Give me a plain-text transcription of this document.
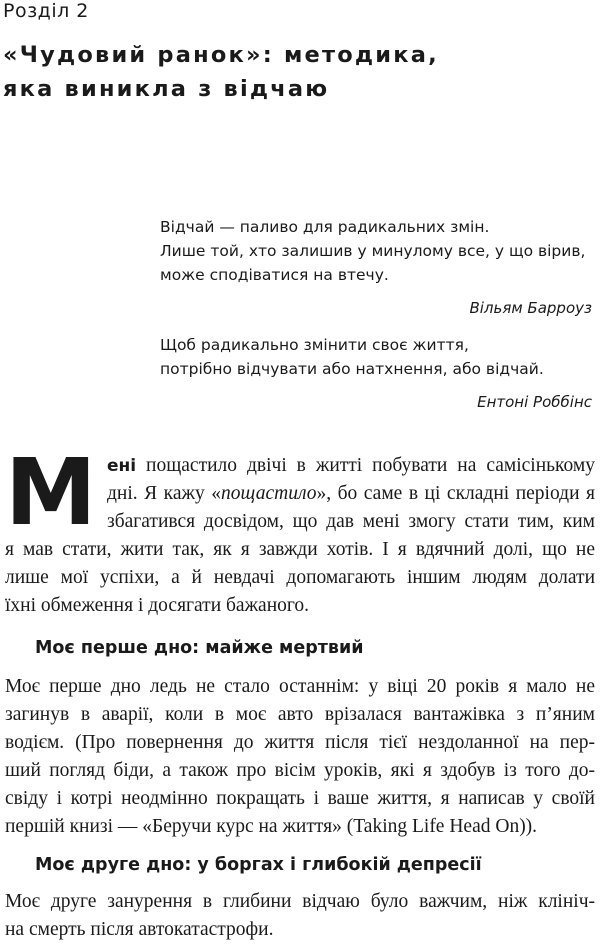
Розділ 2
«Чудовий ранок»: методика,
яка виникла з відчаю
Відчай — паливо для радикальних змін.
Лише той, хто залишив у минулому все, у що вірив,
може сподіватися на втечу.
Вільям Барроуз
Щоб радикально змінити своє життя,
потрібно відчувати або натхнення, або відчай.
Ентоні Роббінс
М ені пощастило двічі в житті побувати на самісінькому
дні. Я кажу «пощастило», бо саме в ці складні періоди я
збагатився досвідом, що дав мені змогу стати тим, ким
я мав стати, жити так, як я завжди хотів. І я вдячний долі, що не
лише мої успіхи, а й невдачі допомагають іншим людям долати
їхні обмеження і досягати бажаного.
Моє перше дно: майже мертвий
Моє перше дно ледь не стало останнім: у віці 20 років я мало не
загинув в аварії, коли в моє авто врізалася вантажівка з п’яним
водієм. (Про повернення до життя після тієї нездоланної на пер-
ший погляд біди, а також про вісім уроків, які я здобув із того до-
свіду і котрі неодмінно покращать і ваше життя, я написав у своїй
першій книзі — «Беручи курс на життя» (Taking Life Head On)).
Моє друге дно: у боргах і глибокій депресії
Моє друге занурення в глибини відчаю було важчим, ніж клініч-
на смерть після автокатастрофи.
